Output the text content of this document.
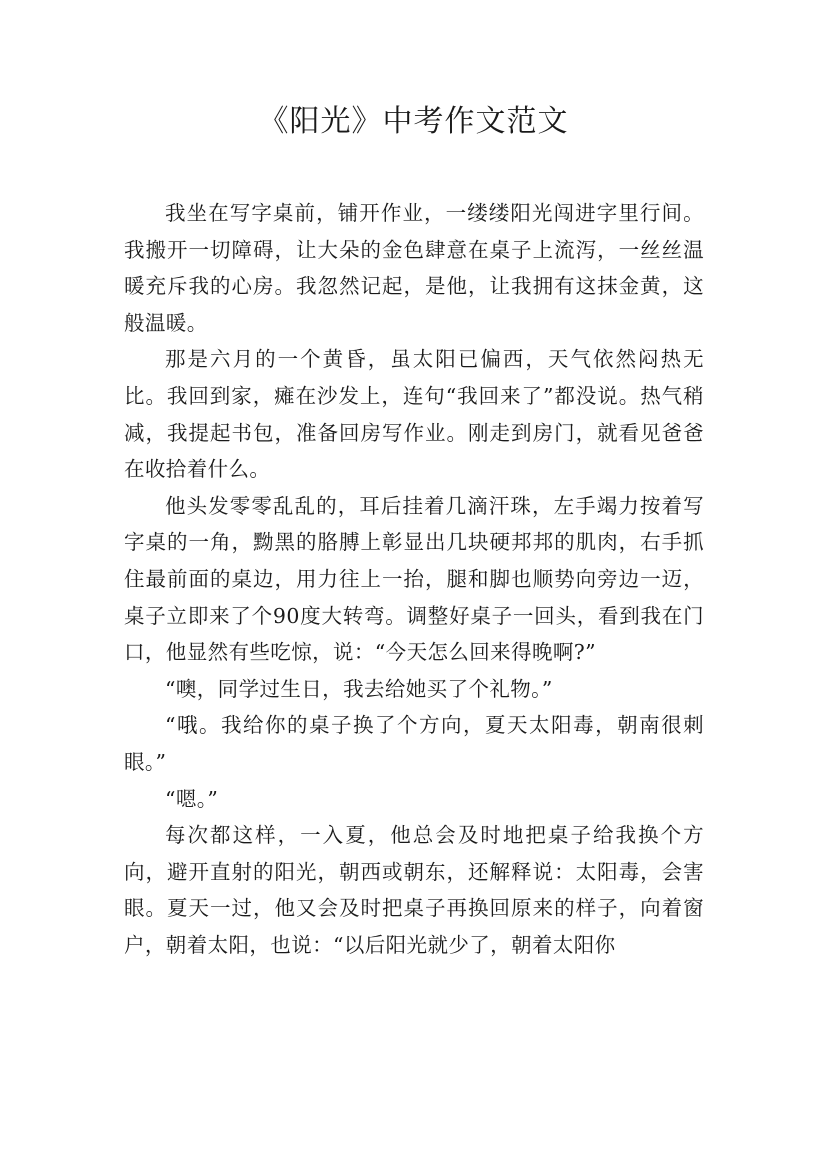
《阳光》中考作文范文

我坐在写字桌前，铺开作业，一缕缕阳光闯进字里行间。我搬开一切障碍，让大朵的金色肆意在桌子上流泻，一丝丝温暖充斥我的心房。我忽然记起，是他，让我拥有这抹金黄，这般温暖。

那是六月的一个黄昏，虽太阳已偏西，天气依然闷热无比。我回到家，瘫在沙发上，连句“我回来了”都没说。热气稍减，我提起书包，准备回房写作业。刚走到房门，就看见爸爸在收拾着什么。

他头发零零乱乱的，耳后挂着几滴汗珠，左手竭力按着写字桌的一角，黝黑的胳膊上彰显出几块硬邦邦的肌肉，右手抓住最前面的桌边，用力往上一抬，腿和脚也顺势向旁边一迈，桌子立即来了个90度大转弯。调整好桌子一回头，看到我在门口，他显然有些吃惊，说：“今天怎么回来得晚啊?”

“噢，同学过生日，我去给她买了个礼物。”

“哦。我给你的桌子换了个方向，夏天太阳毒，朝南很刺眼。”

“嗯。”

每次都这样，一入夏，他总会及时地把桌子给我换个方向，避开直射的阳光，朝西或朝东，还解释说：太阳毒，会害眼。夏天一过，他又会及时把桌子再换回原来的样子，向着窗户，朝着太阳，也说：“以后阳光就少了，朝着太阳你
